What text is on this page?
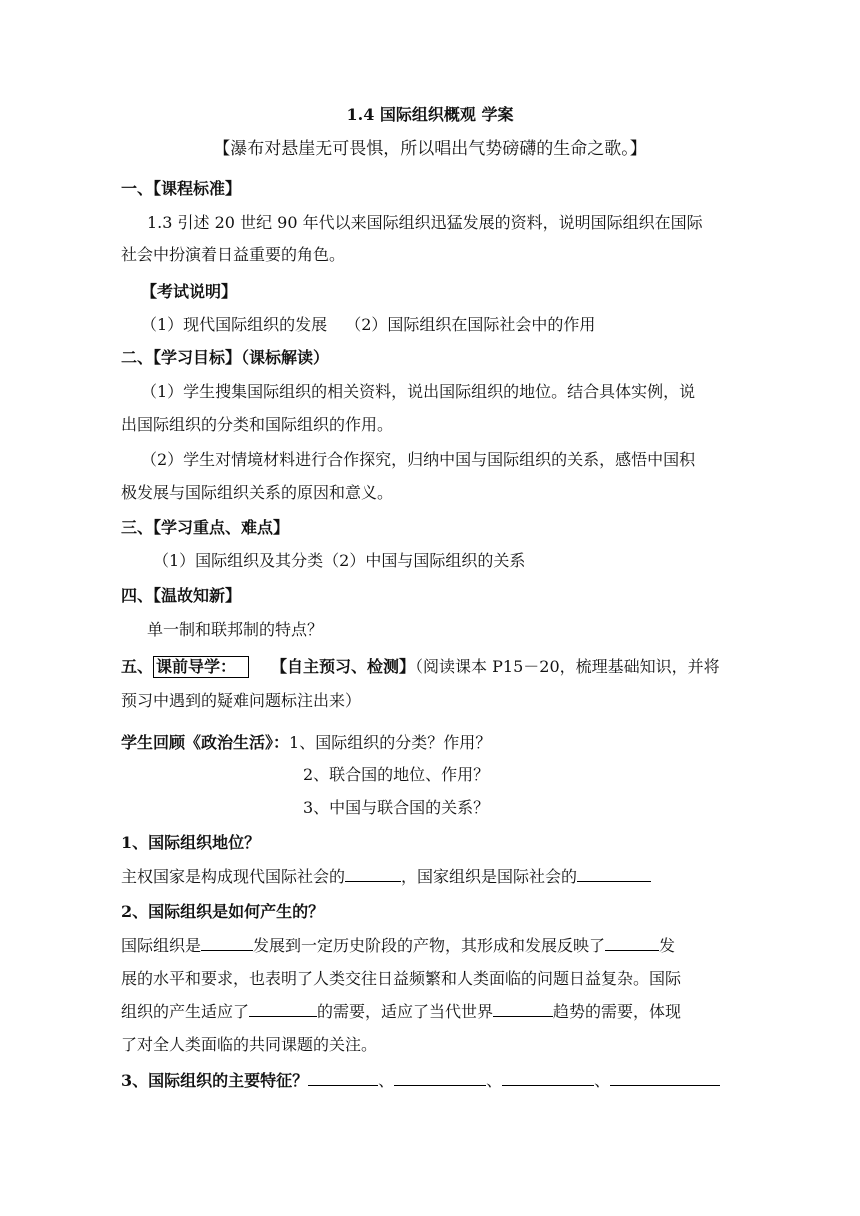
1.4 国际组织概观 学案
【瀑布对悬崖无可畏惧，所以唱出气势磅礴的生命之歌。】
一、【课程标准】
1.3 引述 20 世纪 90 年代以来国际组织迅猛发展的资料，说明国际组织在国际
社会中扮演着日益重要的角色。
【考试说明】
（1）现代国际组织的发展 （2）国际组织在国际社会中的作用
二、【学习目标】（课标解读）
（1）学生搜集国际组织的相关资料，说出国际组织的地位。结合具体实例，说
出国际组织的分类和国际组织的作用。
（2）学生对情境材料进行合作探究，归纳中国与国际组织的关系，感悟中国积
极发展与国际组织关系的原因和意义。
三、【学习重点、难点】
（1）国际组织及其分类（2）中国与国际组织的关系
四、【温故知新】
单一制和联邦制的特点？
五、 课前导学： 【自主预习、检测】（阅读课本 P15－20，梳理基础知识，并将
预习中遇到的疑难问题标注出来）
学生回顾《政治生活》：1、国际组织的分类？作用？
2、联合国的地位、作用？
3、中国与联合国的关系？
1、国际组织地位？
主权国家是构成现代国际社会的	，国家组织是国际社会的
2、国际组织是如何产生的？
国际组织是	发展到一定历史阶段的产物，其形成和发展反映了	发
展的水平和要求，也表明了人类交往日益频繁和人类面临的问题日益复杂。国际
组织的产生适应了	的需要，适应了当代世界	趋势的需要，体现
了对全人类面临的共同课题的关注。
3、国际组织的主要特征？	、	、	、
